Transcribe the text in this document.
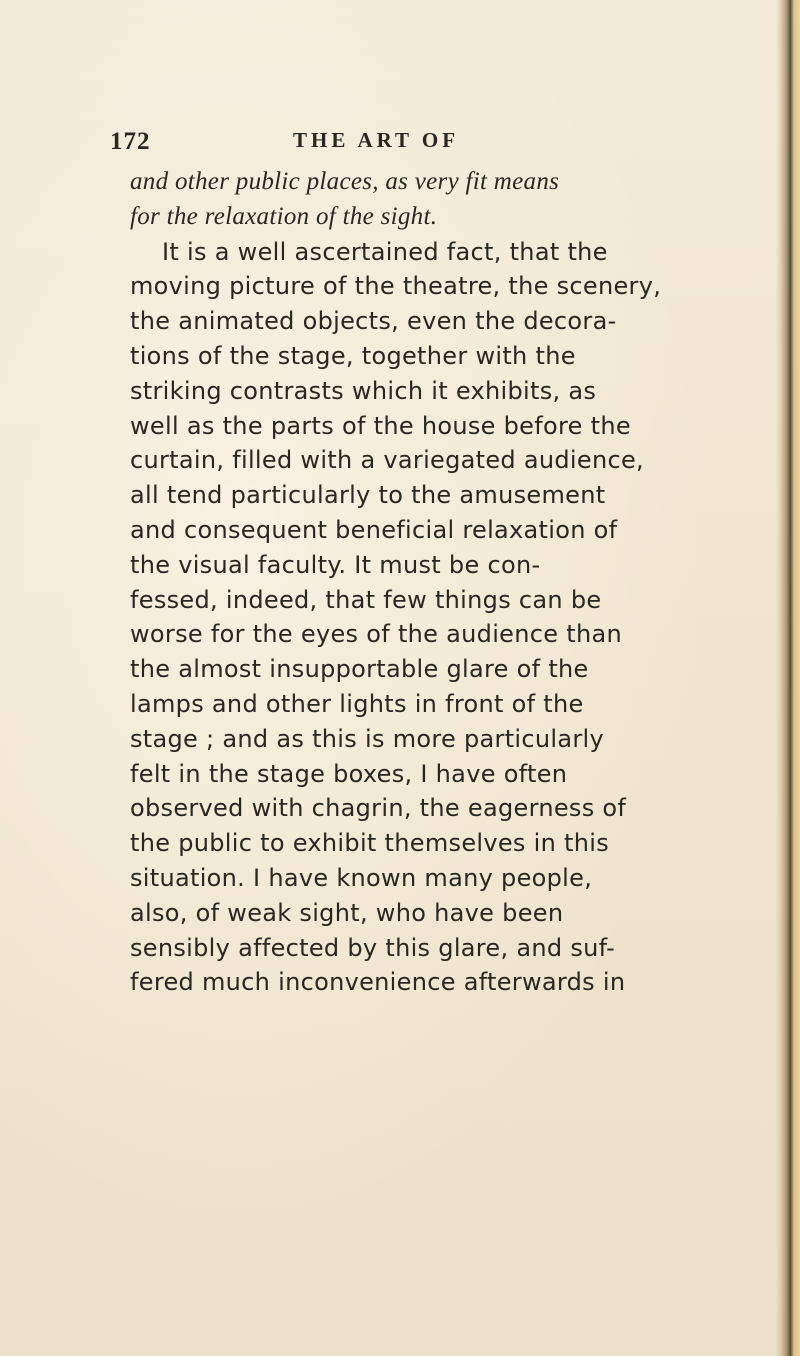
172	THE ART OF
and other public places, as very fit means
for the relaxation of the sight.
It is a well ascertained fact, that the
moving picture of the theatre, the scenery,
the animated objects, even the decora-
tions of the stage, together with the
striking contrasts which it exhibits, as
well as the parts of the house before the
curtain, filled with a variegated audience,
all tend particularly to the amusement
and consequent beneficial relaxation of
the visual faculty. It must be con-
fessed, indeed, that few things can be
worse for the eyes of the audience than
the almost insupportable glare of the
lamps and other lights in front of the
stage ; and as this is more particularly
felt in the stage boxes, I have often
observed with chagrin, the eagerness of
the public to exhibit themselves in this
situation. I have known many people,
also, of weak sight, who have been
sensibly affected by this glare, and suf-
fered much inconvenience afterwards in
